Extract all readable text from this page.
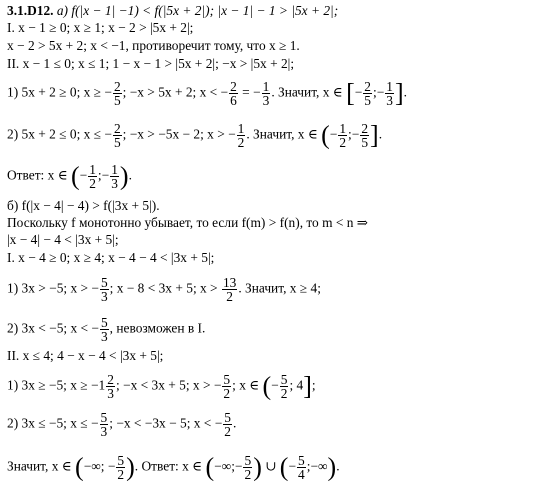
3.1.D12. а) f(|x − 1| −1) < f(|5x + 2|); |x − 1| − 1 > |5x + 2|;
I. x − 1 ≥ 0; x ≥ 1; x − 2 > |5x + 2|;
x − 2 > 5x + 2; x < −1, противоречит тому, что x ≥ 1.
II. x − 1 ≤ 0; x ≤ 1; 1 − x − 1 > |5x + 2|; −x > |5x + 2|;
1) 5x + 2 ≥ 0; x ≥ − $\frac{2}{5}$ ; −x > 5x + 2; x < − $\frac{2}{6}$ = − $\frac{1}{3}$ . Значит, x ∈ [− $\frac{2}{5}$ ;− $\frac{1}{3}$ ].
2) 5x + 2 ≤ 0; x ≤ − $\frac{2}{5}$ ; −x > −5x − 2; x > − $\frac{1}{2}$ . Значит, x ∈ (− $\frac{1}{2}$ ;− $\frac{2}{5}$ ].
Ответ: x ∈ (− $\frac{1}{2}$ ;− $\frac{1}{3}$ ).
б) f(|x − 4| − 4) > f(|3x + 5|).
Поскольку f монотонно убывает, то если f(m) > f(n), то m < n ⇒
|x − 4| − 4 < |3x + 5|;
I. x − 4 ≥ 0; x ≥ 4; x − 4 − 4 < |3x + 5|;
1) 3x > −5; x > − $\frac{5}{3}$ ; x − 8 < 3x + 5; $x > \frac{13}{2}$ . Значит, x ≥ 4;
2) 3x < −5; x < − $\frac{5}{3}$ , невозможен в I.
II. x ≤ 4; 4 − x − 4 < |3x + 5|;
1) 3x ≥ −5; $x \ge -1 \frac{2}{3}$ ; −x < 3x + 5; x > − $\frac{5}{2}$ ; x ∈ (− $\frac{5}{2}$ ; 4];
2) 3x ≤ −5; x ≤ − $\frac{5}{3}$ ; −x < −3x − 5; x < − $\frac{5}{2}$ .
Значит, x ∈ (−∞; − $\frac{5}{2}$ ). Ответ: x ∈ (−∞;− $\frac{5}{2}$ ) ∪ (− $\frac{5}{4}$ ;−∞).
